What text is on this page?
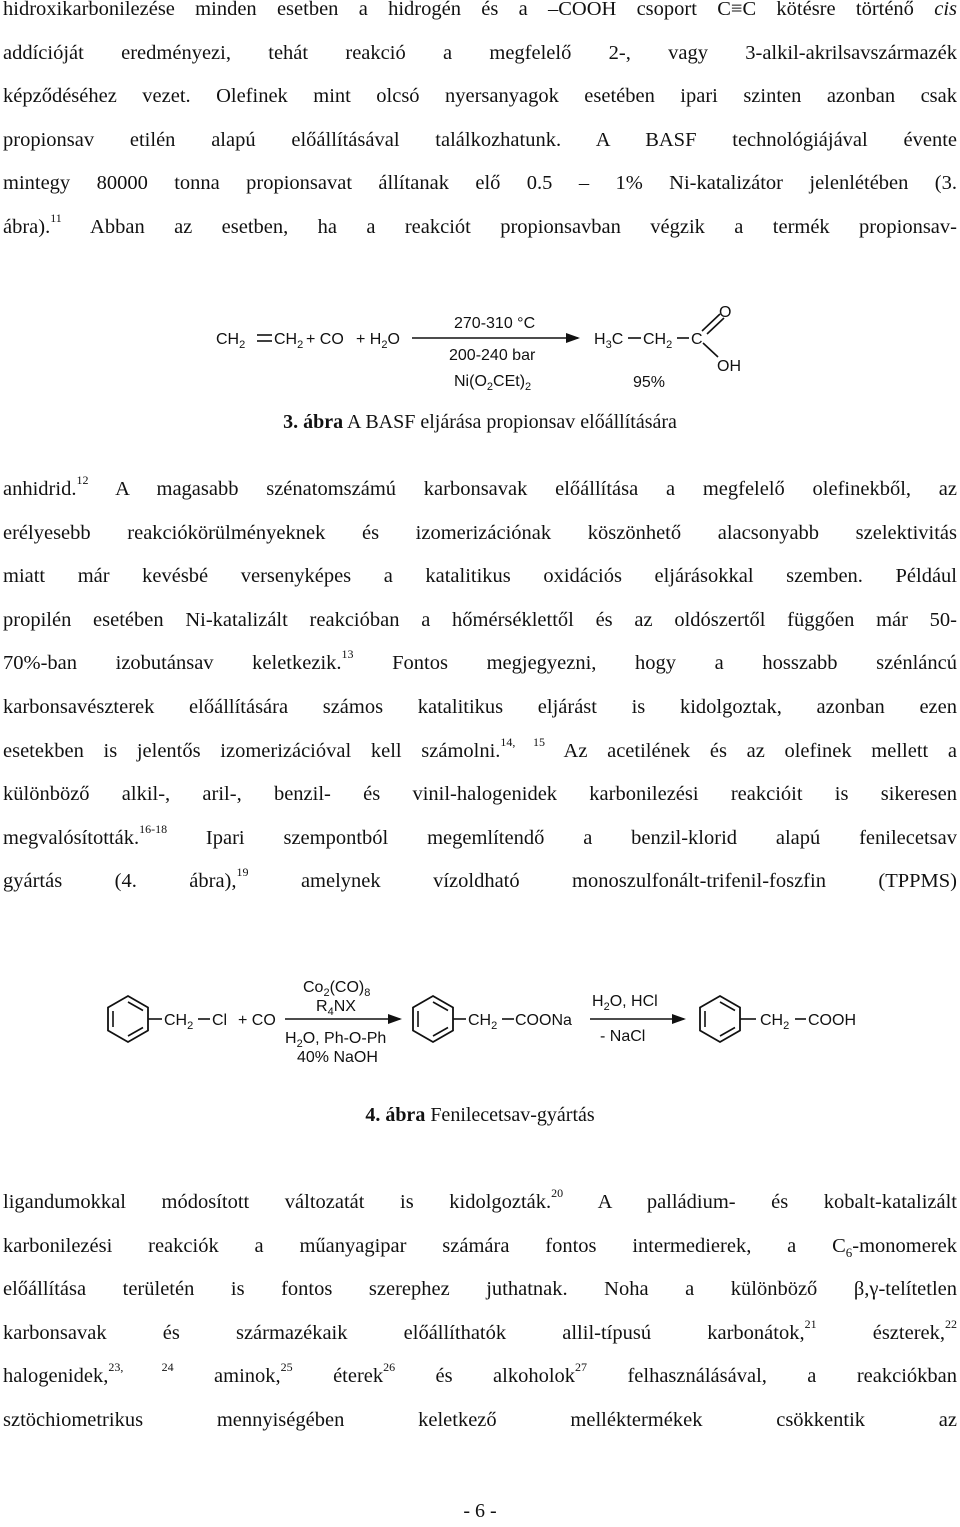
hidroxikarbonilezése minden esetben a hidrogén és a –COOH csoport C≡C kötésre történő cis
addícióját eredményezi, tehát reakció a megfelelő 2-, vagy 3-alkil-akrilsavszármazék
képződéséhez vezet. Olefinek mint olcsó nyersanyagok esetében ipari szinten azonban csak
propionsav etilén alapú előállításával találkozhatunk. A BASF technológiájával évente
mintegy 80000 tonna propionsavat állítanak elő 0.5 – 1% Ni-katalizátor jelenlétében (3.
ábra).$^{11}$ Abban az esetben, ha a reakciót propionsavban végzik a termék propionsav-
$CH_2$ $CH_2$ + CO + $H_2O$
270-310 °C
200-240 bar
$Ni(O_2CEt)_2$
$H_3C$ $CH_2$ C
O
OH
95%
3. ábra A BASF eljárása propionsav előállítására
anhidrid.$^{12}$ A magasabb szénatomszámú karbonsavak előállítása a megfelelő olefinekből, az
erélyesebb reakciókörülményeknek és izomerizációnak köszönhető alacsonyabb szelektivitás
miatt már kevésbé versenyképes a katalitikus oxidációs eljárásokkal szemben. Például
propilén esetében Ni-katalizált reakcióban a hőmérséklettől és az oldószertől függően már 50-
70%-ban izobutánsav keletkezik.$^{13}$ Fontos megjegyezni, hogy a hosszabb szénláncú
karbonsavészterek előállítására számos katalitikus eljárást is kidolgoztak, azonban ezen
esetekben is jelentős izomerizációval kell számolni.$^{14, 15}$ Az acetilének és az olefinek mellett a
különböző alkil-, aril-, benzil- és vinil-halogenidek karbonilezési reakcióit is sikeresen
megvalósították.$^{16-18}$ Ipari szempontból megemlítendő a benzil-klorid alapú fenilecetsav
gyártás (4. ábra),$^{19}$ amelynek vízoldható monoszulfonált-trifenil-foszfin (TPPMS)
$CH_2$ Cl + CO
$Co_2(CO)_8$
$R_4NX$
$H_2O$, Ph-O-Ph
40% NaOH
$CH_2$ COONa
$H_2O$, HCl
- NaCl
$CH_2$ COOH
4. ábra Fenilecetsav-gyártás
ligandumokkal módosított változatát is kidolgozták.$^{20}$ A palládium- és kobalt-katalizált
karbonilezési reakciók a műanyagipar számára fontos intermedierek, a $C_6$-monomerek
előállítása területén is fontos szerephez juthatnak. Noha a különböző β,γ-telítetlen
karbonsavak és származékaik előállíthatók allil-típusú karbonátok,$^{21}$ észterek,$^{22}$
halogenidek,$^{23, 24}$ aminok,$^{25}$ éterek$^{26}$ és alkoholok$^{27}$ felhasználásával, a reakciókban
sztöchiometrikus mennyiségében keletkező melléktermékek csökkentik az
- 6 -
